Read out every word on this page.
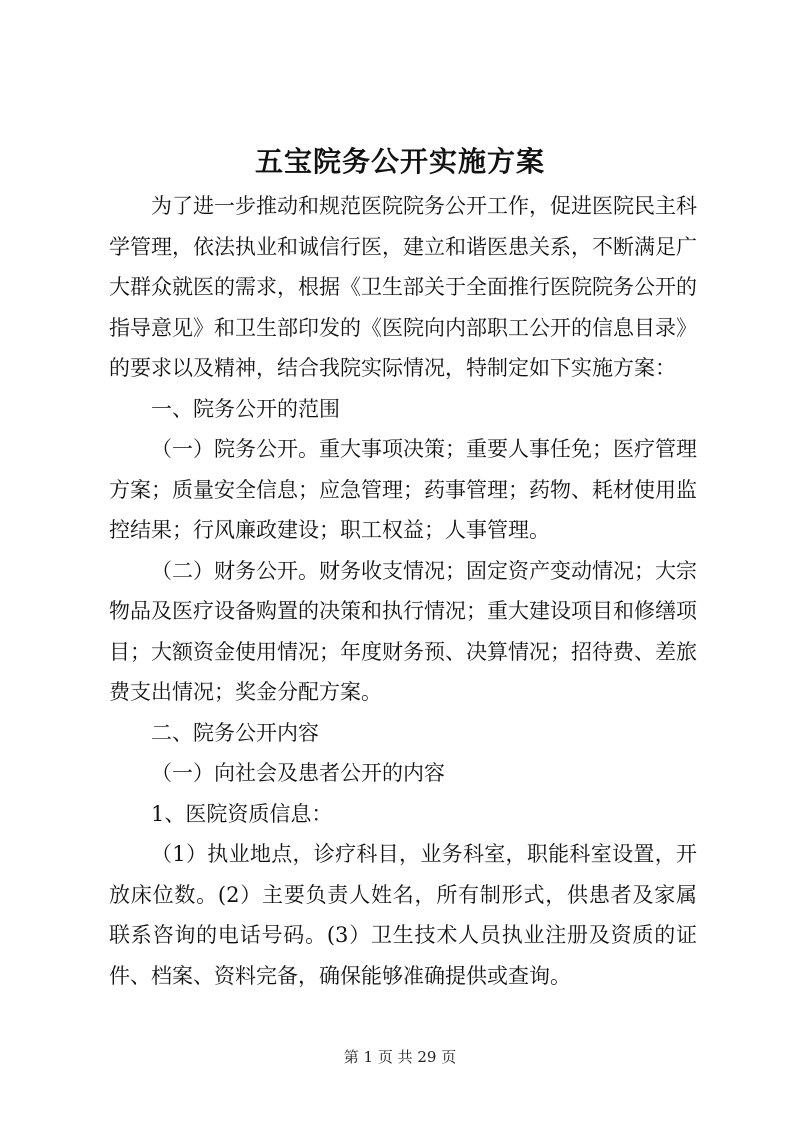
五宝院务公开实施方案

为了进一步推动和规范医院院务公开工作，促进医院民主科学管理，依法执业和诚信行医，建立和谐医患关系，不断满足广大群众就医的需求，根据《卫生部关于全面推行医院院务公开的指导意见》和卫生部印发的《医院向内部职工公开的信息目录》的要求以及精神，结合我院实际情况，特制定如下实施方案：

一、院务公开的范围

（一）院务公开。重大事项决策；重要人事任免；医疗管理方案；质量安全信息；应急管理；药事管理；药物、耗材使用监控结果；行风廉政建设；职工权益；人事管理。

（二）财务公开。财务收支情况；固定资产变动情况；大宗物品及医疗设备购置的决策和执行情况；重大建设项目和修缮项目；大额资金使用情况；年度财务预、决算情况；招待费、差旅费支出情况；奖金分配方案。

二、院务公开内容

（一）向社会及患者公开的内容

1、医院资质信息：

（1）执业地点，诊疗科目，业务科室，职能科室设置，开放床位数。(2）主要负责人姓名，所有制形式，供患者及家属联系咨询的电话号码。(3）卫生技术人员执业注册及资质的证件、档案、资料完备，确保能够准确提供或查询。

第 1 页 共 29 页
